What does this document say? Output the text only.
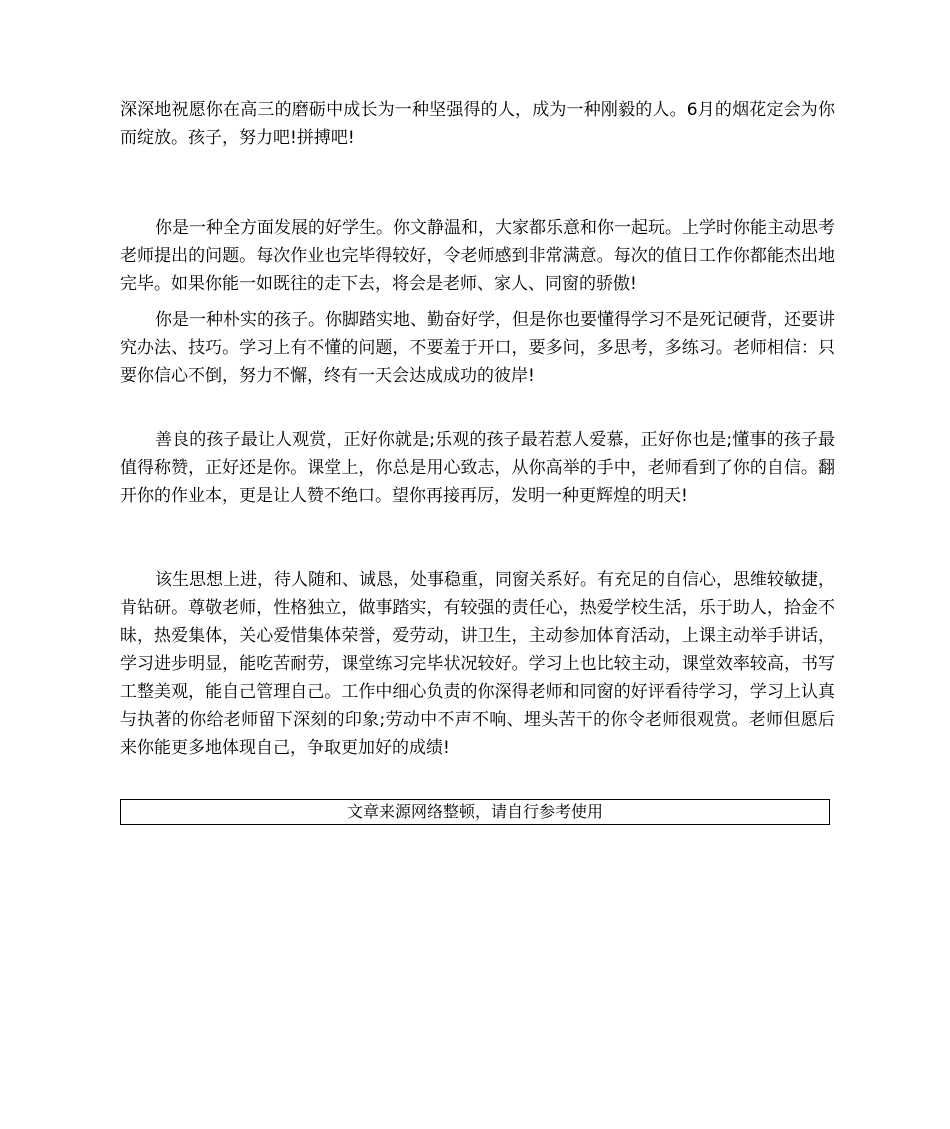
深深地祝愿你在高三的磨砺中成长为一种坚强得的人，成为一种刚毅的人。6月的烟花定会为你而绽放。孩子，努力吧!拼搏吧!

你是一种全方面发展的好学生。你文静温和，大家都乐意和你一起玩。上学时你能主动思考老师提出的问题。每次作业也完毕得较好，令老师感到非常满意。每次的值日工作你都能杰出地完毕。如果你能一如既往的走下去，将会是老师、家人、同窗的骄傲!

你是一种朴实的孩子。你脚踏实地、勤奋好学，但是你也要懂得学习不是死记硬背，还要讲究办法、技巧。学习上有不懂的问题，不要羞于开口，要多问，多思考，多练习。老师相信：只要你信心不倒，努力不懈，终有一天会达成成功的彼岸!

善良的孩子最让人观赏，正好你就是;乐观的孩子最若惹人爱慕，正好你也是;懂事的孩子最值得称赞，正好还是你。课堂上，你总是用心致志，从你高举的手中，老师看到了你的自信。翻开你的作业本，更是让人赞不绝口。望你再接再厉，发明一种更辉煌的明天!

该生思想上进，待人随和、诚恳，处事稳重，同窗关系好。有充足的自信心，思维较敏捷，肯钻研。尊敬老师，性格独立，做事踏实，有较强的责任心，热爱学校生活，乐于助人，拾金不昧，热爱集体，关心爱惜集体荣誉，爱劳动，讲卫生，主动参加体育活动，上课主动举手讲话，学习进步明显，能吃苦耐劳，课堂练习完毕状况较好。学习上也比较主动，课堂效率较高，书写工整美观，能自己管理自己。工作中细心负责的你深得老师和同窗的好评看待学习，学习上认真与执著的你给老师留下深刻的印象;劳动中不声不响、埋头苦干的你令老师很观赏。老师但愿后来你能更多地体现自己，争取更加好的成绩!

文章来源网络整顿，请自行参考使用
